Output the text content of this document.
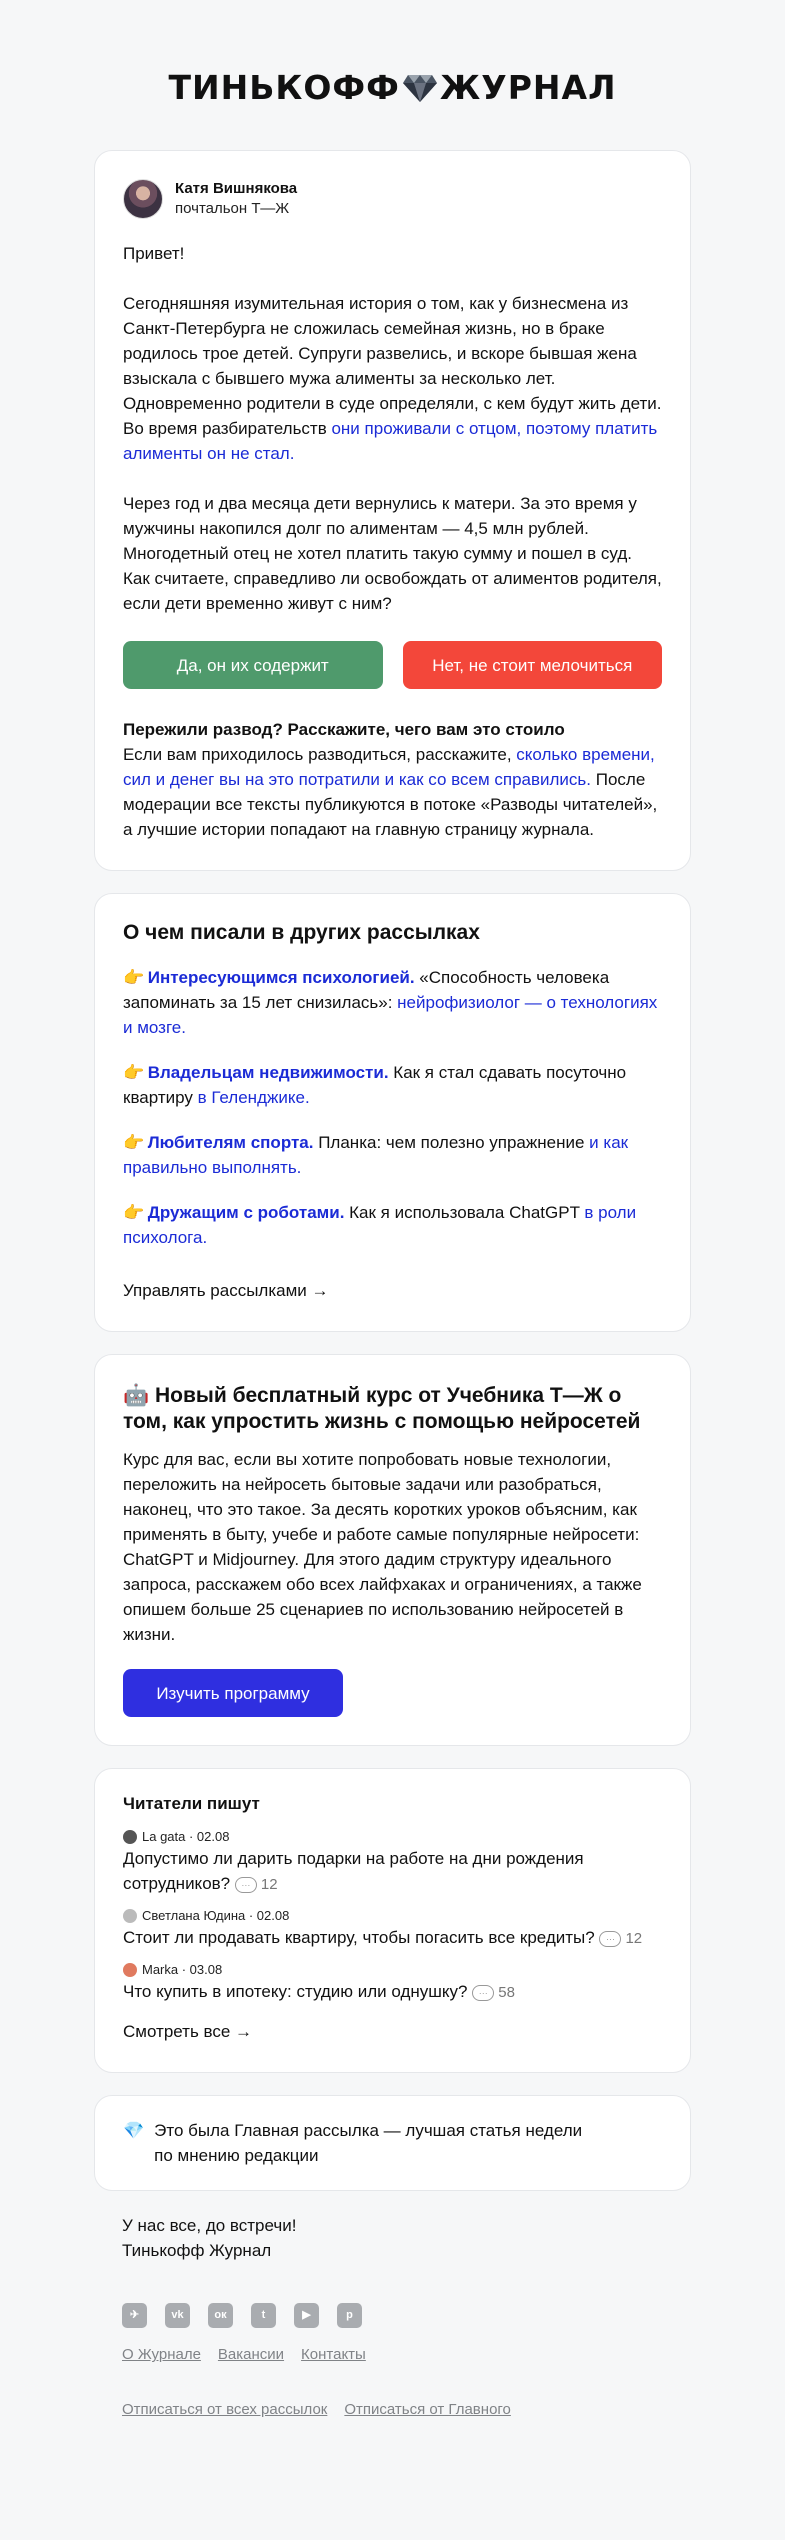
ТИНЬКОФФ ЖУРНАЛ
Катя Вишнякова
почтальон Т—Ж

Привет!

Сегодняшняя изумительная история о том, как у бизнесмена из Санкт-Петербурга не сложилась семейная жизнь, но в браке родилось трое детей. Супруги развелись, и вскоре бывшая жена взыскала с бывшего мужа алименты за несколько лет. Одновременно родители в суде определяли, с кем будут жить дети. Во время разбирательств они проживали с отцом, поэтому платить алименты он не стал.

Через год и два месяца дети вернулись к матери. За это время у мужчины накопился долг по алиментам — 4,5 млн рублей. Многодетный отец не хотел платить такую сумму и пошел в суд. Как считаете, справедливо ли освобождать от алиментов родителя, если дети временно живут с ним?

Да, он их содержит	Нет, не стоит мелочиться

Пережили развод? Расскажите, чего вам это стоило

Если вам приходилось разводиться, расскажите, сколько времени, сил и денег вы на это потратили и как со всем справились. После модерации все тексты публикуются в потоке «Разводы читателей», а лучшие истории попадают на главную страницу журнала.

О чем писали в других рассылках
👉 Интересующимся психологией. «Способность человека запоминать за 15 лет снизилась»: нейрофизиолог — о технологиях и мозге.
👉 Владельцам недвижимости. Как я стал сдавать посуточно квартиру в Геленджике.
👉 Любителям спорта. Планка: чем полезно упражнение и как правильно выполнять.
👉 Дружащим с роботами. Как я использовала ChatGPT в роли психолога.
Управлять рассылками →
🤖 Новый бесплатный курс от Учебника Т—Ж о том, как упростить жизнь с помощью нейросетей

Курс для вас, если вы хотите попробовать новые технологии, переложить на нейросеть бытовые задачи или разобраться, наконец, что это такое. За десять коротких уроков объясним, как применять в быту, учебе и работе самые популярные нейросети: ChatGPT и Midjourney. Для этого дадим структуру идеального запроса, расскажем обо всех лайфхаках и ограничениях, а также опишем больше 25 сценариев по использованию нейросетей в жизни.

Изучить программу
Читатели пишут
La gata · 02.08
Допустимо ли дарить подарки на работе на дни рождения сотрудников?	··· 12
Светлана Юдина · 02.08
Стоит ли продавать квартиру, чтобы погасить все кредиты?	··· 12
Marka · 03.08
Что купить в ипотеку: студию или однушку?	··· 58
Смотреть все →
💎 Это была Главная рассылка — лучшая статья недели по мнению редакции
У нас все, до встречи!
Тинькофф Журнал
✈	vk	ок	t	▶	p
О Журнале Вакансии Контакты
Отписаться от всех рассылок Отписаться от Главного
